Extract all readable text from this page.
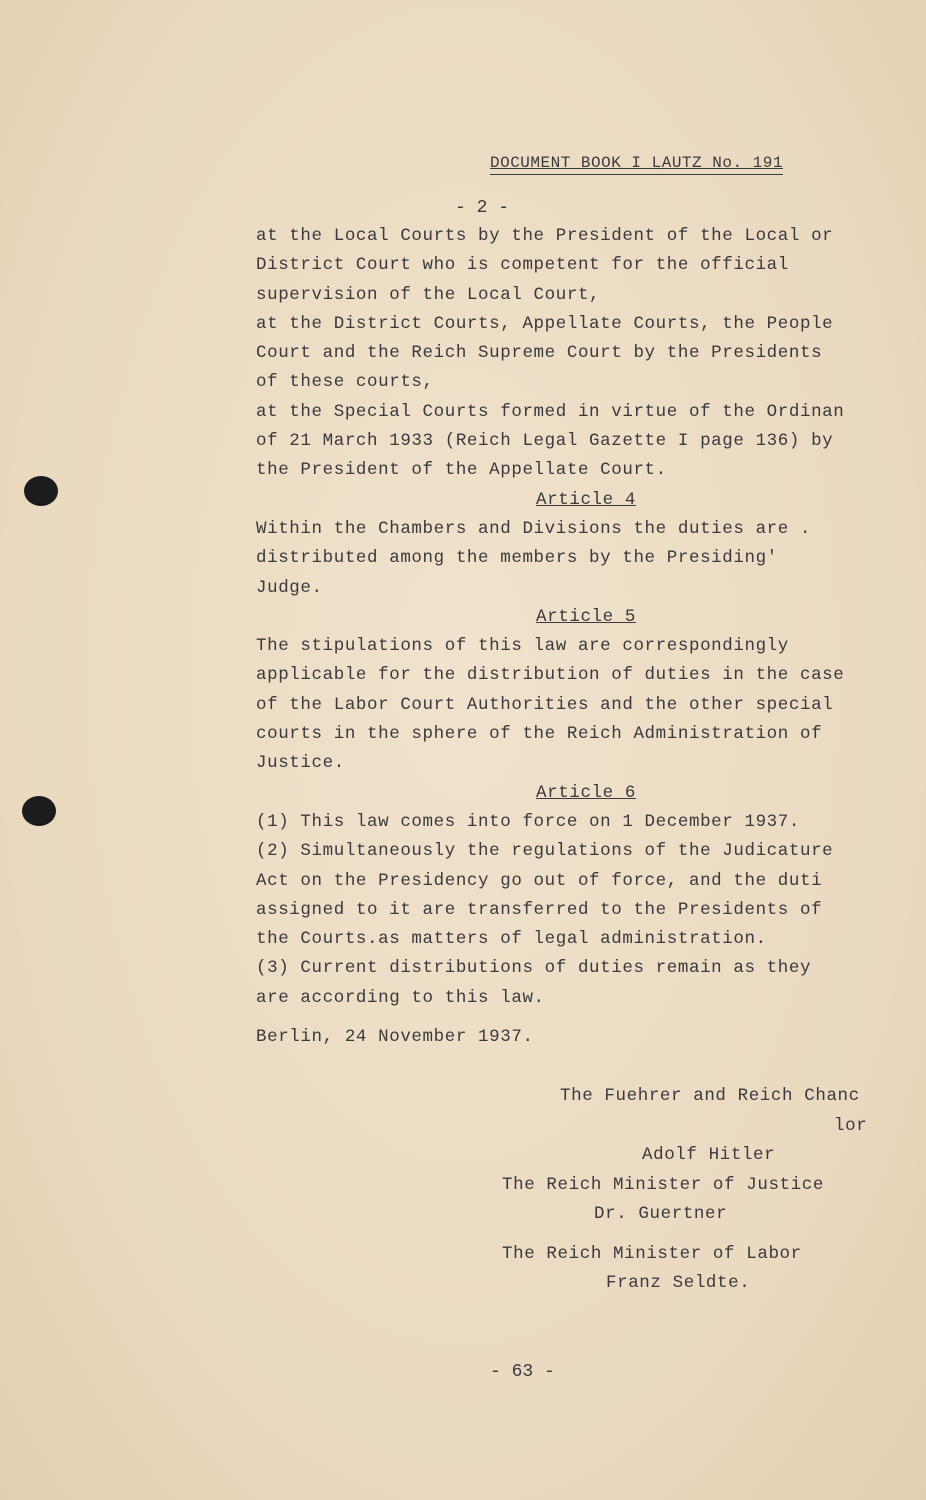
DOCUMENT BOOK I LAUTZ No. 191
- 2 -

at the Local Courts by the President of the Local or

District Court who is competent for the official

supervision of the Local Court,

at the District Courts, Appellate Courts, the People

Court and the Reich Supreme Court by the Presidents

of these courts,

at the Special Courts formed in virtue of the Ordinan

of 21 March 1933 (Reich Legal Gazette I page 136) by

the President of the Appellate Court.

Article 4

Within the Chambers and Divisions the duties are .

distributed among the members by the Presiding'

Judge.

Article 5

The stipulations of this law are correspondingly

applicable for the distribution of duties in the case

of the Labor Court Authorities and the other special

courts in the sphere of the Reich Administration of

Justice.

Article 6

(1) This law comes into force on 1 December 1937.

(2) Simultaneously the regulations of the Judicature

Act on the Presidency go out of force, and the duti

assigned to it are transferred to the Presidents of

the Courts.as matters of legal administration.

(3) Current distributions of duties remain as they

are according to this law.

Berlin, 24 November 1937.

The Fuehrer and Reich Chanc
lor
Adolf Hitler
The Reich Minister of Justice
Dr. Guertner
The Reich Minister of Labor
Franz Seldte.
- 63 -
